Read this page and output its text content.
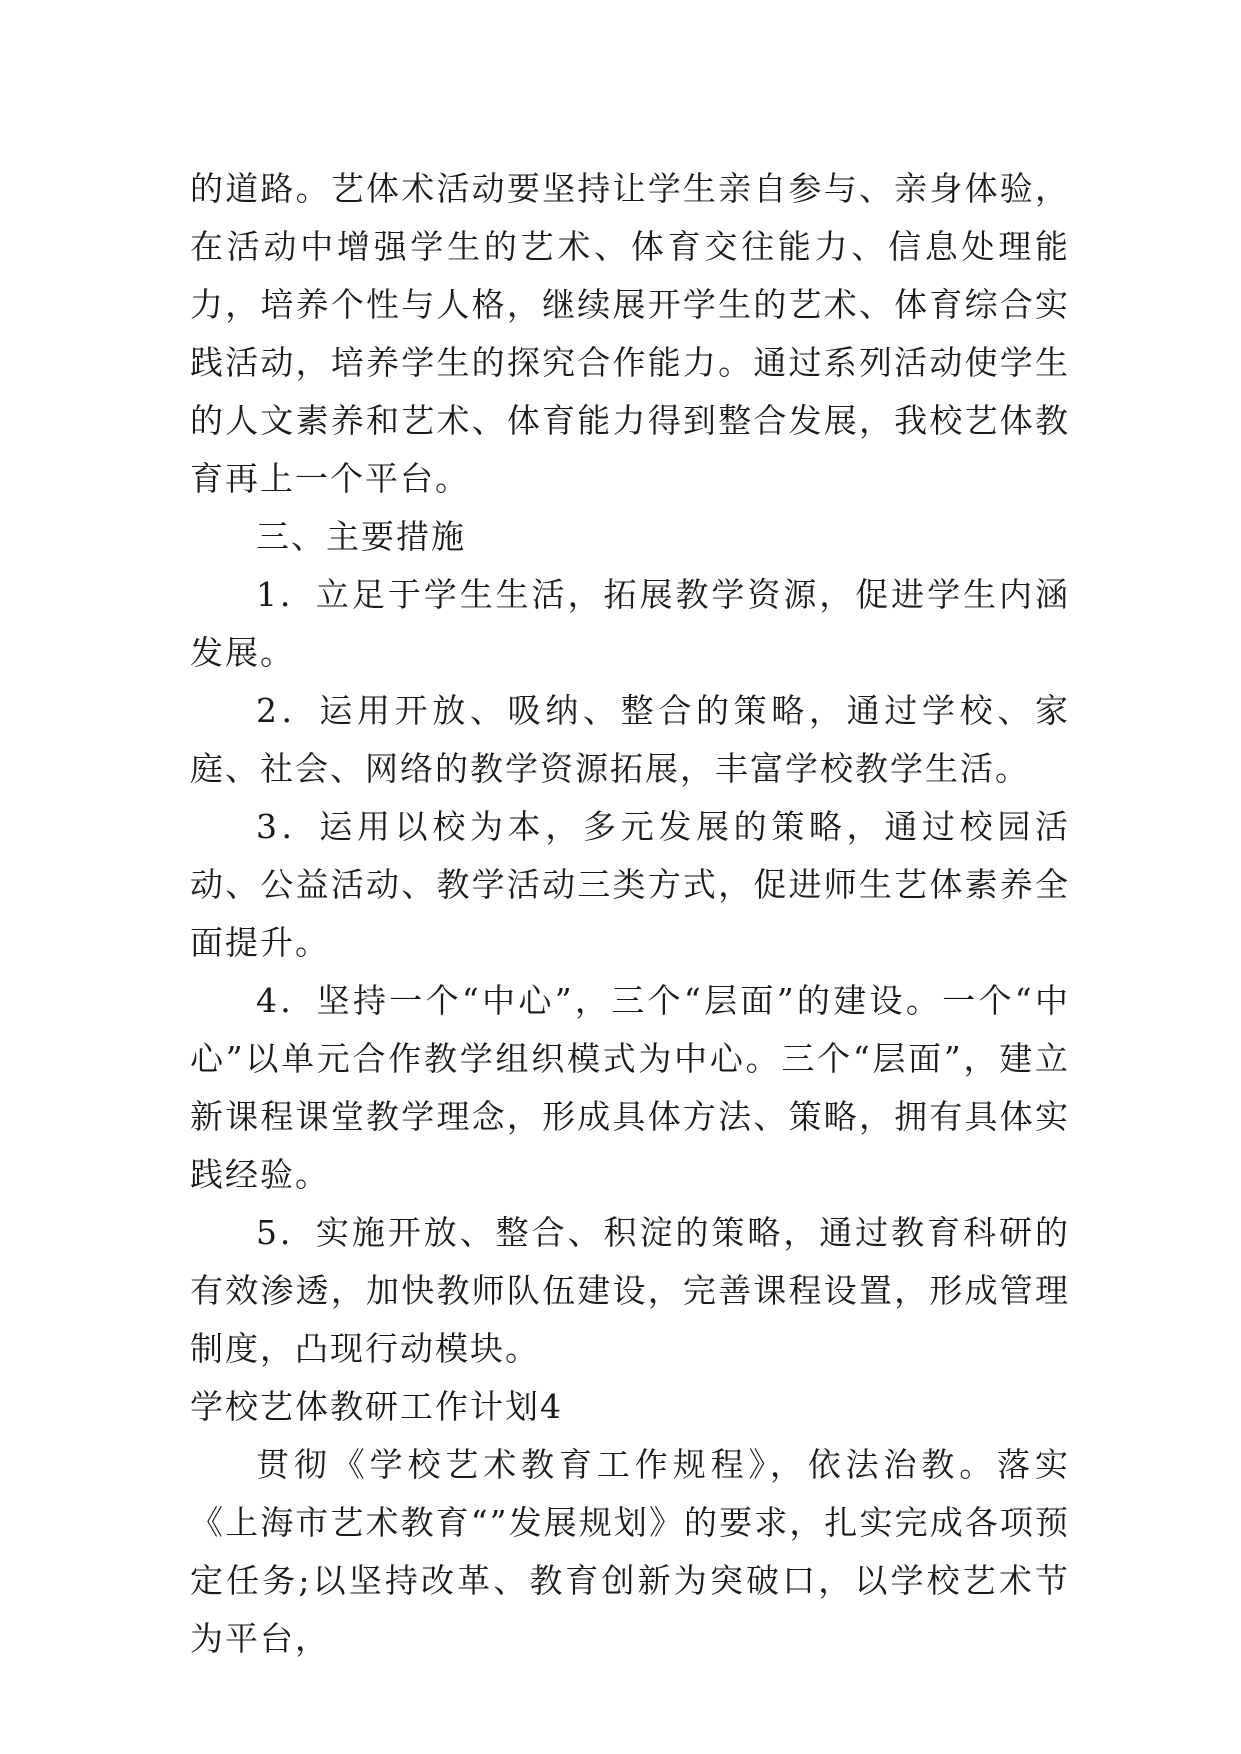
的道路。艺体术活动要坚持让学生亲自参与、亲身体验，在活动中增强学生的艺术、体育交往能力、信息处理能力，培养个性与人格，继续展开学生的艺术、体育综合实践活动，培养学生的探究合作能力。通过系列活动使学生的人文素养和艺术、体育能力得到整合发展，我校艺体教育再上一个平台。

三、主要措施

1．立足于学生生活，拓展教学资源，促进学生内涵发展。

2．运用开放、吸纳、整合的策略，通过学校、家庭、社会、网络的教学资源拓展，丰富学校教学生活。

3．运用以校为本，多元发展的策略，通过校园活动、公益活动、教学活动三类方式，促进师生艺体素养全面提升。

4．坚持一个“中心”，三个“层面”的建设。一个“中心”以单元合作教学组织模式为中心。三个“层面”，建立新课程课堂教学理念，形成具体方法、策略，拥有具体实践经验。

5．实施开放、整合、积淀的策略，通过教育科研的有效渗透，加快教师队伍建设，完善课程设置，形成管理制度，凸现行动模块。

学校艺体教研工作计划4

贯彻《学校艺术教育工作规程》，依法治教。落实《上海市艺术教育“”发展规划》的要求，扎实完成各项预定任务;以坚持改革、教育创新为突破口，以学校艺术节为平台，
